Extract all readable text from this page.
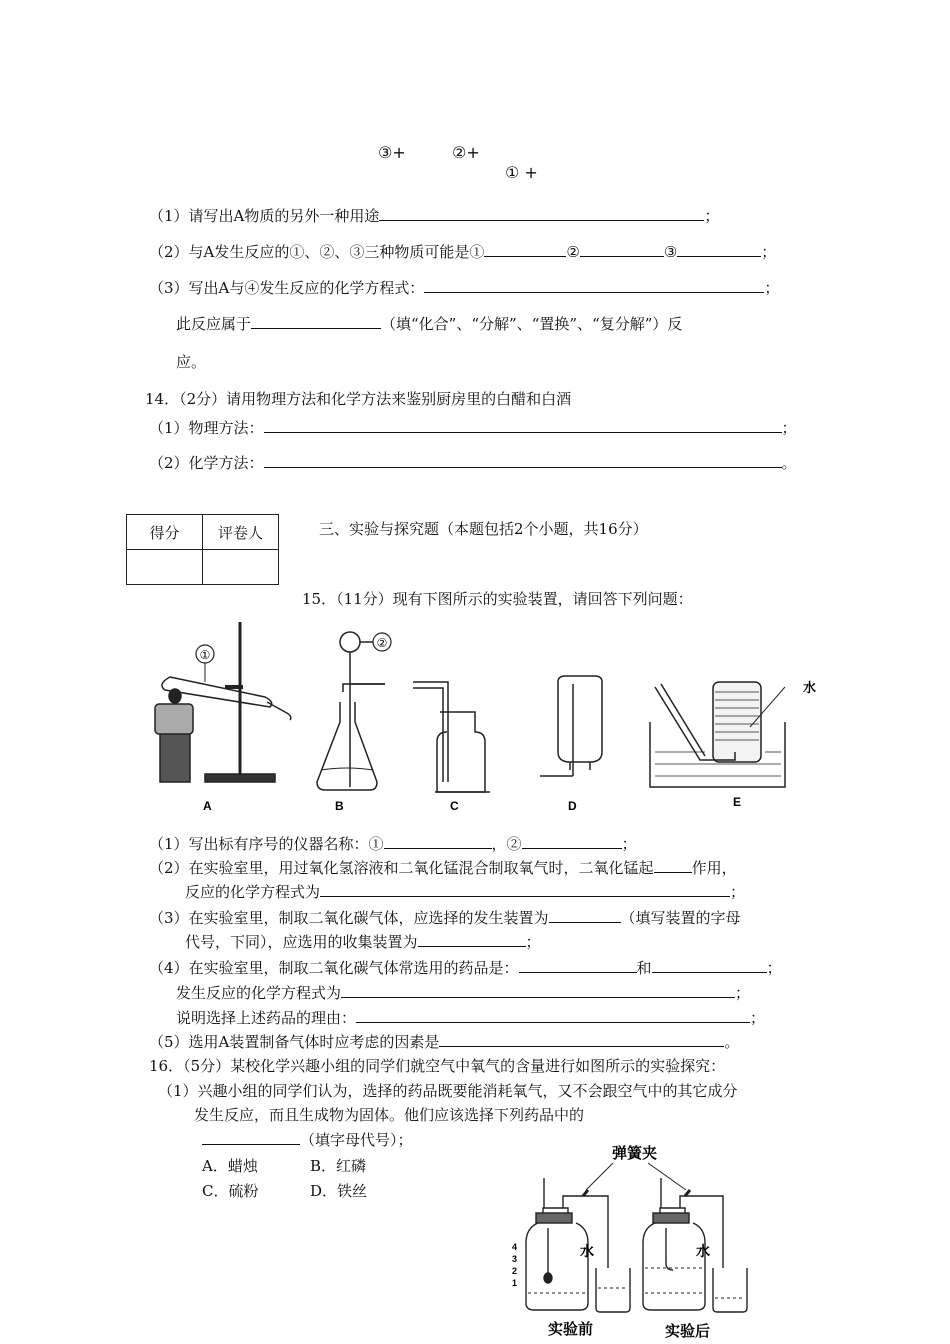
③+	②+
① +
（1）请写出A物质的另外一种用途	；
（2）与A发生反应的①、②、③三种物质可能是①	②	③	；
（3）写出A与④发生反应的化学方程式：	；
此反应属于	（填“化合”、“分解”、“置换”、“复分解”）反
应。
14．（2分）请用物理方法和化学方法来鉴别厨房里的白醋和白酒
（1）物理方法：	；
（2）化学方法：	。
得分	评卷人
		三、实验与探究题（本题包括2个小题，共16分）
15．（11分）现有下图所示的实验装置，请回答下列问题：
①
②
水
A	B	C	D	E
（1）写出标有序号的仪器名称：①	，②	；
（2）在实验室里，用过氧化氢溶液和二氧化锰混合制取氧气时，二氧化锰起	作用，
反应的化学方程式为	；
（3）在实验室里，制取二氧化碳气体，应选择的发生装置为	（填写装置的字母
代号，下同），应选用的收集装置为	；
（4）在实验室里，制取二氧化碳气体常选用的药品是：	和	；
发生反应的化学方程式为	；
说明选择上述药品的理由：	；
（5）选用A装置制备气体时应考虑的因素是	。
16．（5分）某校化学兴趣小组的同学们就空气中氧气的含量进行如图所示的实验探究：
（1）兴趣小组的同学们认为，选择的药品既要能消耗氧气，又不会跟空气中的其它成分
发生反应，而且生成物为固体。他们应该选择下列药品中的
（填字母代号）；
A．蜡烛	B．红磷
C．硫粉	D．铁丝
弹簧夹
4
3
2
1
水	水
实验前	实验后
